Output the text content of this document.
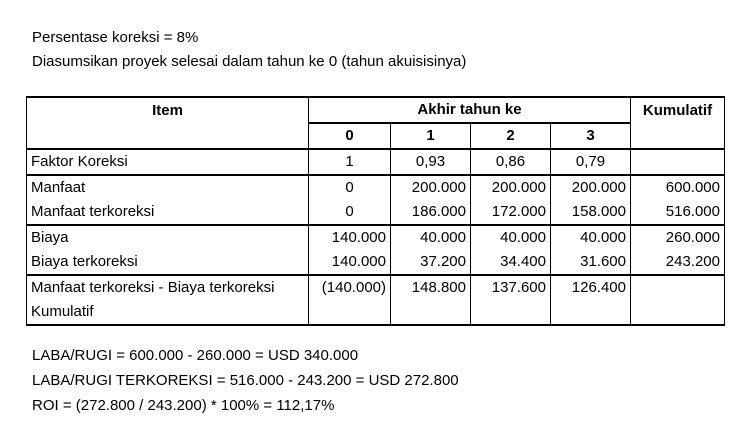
Persentase koreksi = 8%
Diasumsikan proyek selesai dalam tahun ke 0 (tahun akuisisinya)
Item	Akhir tahun ke				Kumulatif
	0	1	2	3	
Faktor Koreksi	1	0,93	0,86	0,79	
Manfaat	0	200.000	200.000	200.000	600.000
Manfaat terkoreksi	0	186.000	172.000	158.000	516.000
Biaya	140.000	40.000	40.000	40.000	260.000
Biaya terkoreksi	140.000	37.200	34.400	31.600	243.200

Manfaat terkoreksi - Biaya terkoreksi	(140.000)	148.800	137.600	126.400	
Kumulatif					
LABA/RUGI = 600.000 - 260.000 = USD 340.000
LABA/RUGI TERKOREKSI = 516.000 - 243.200 = USD 272.800
ROI = (272.800 / 243.200) * 100% = 112,17%
